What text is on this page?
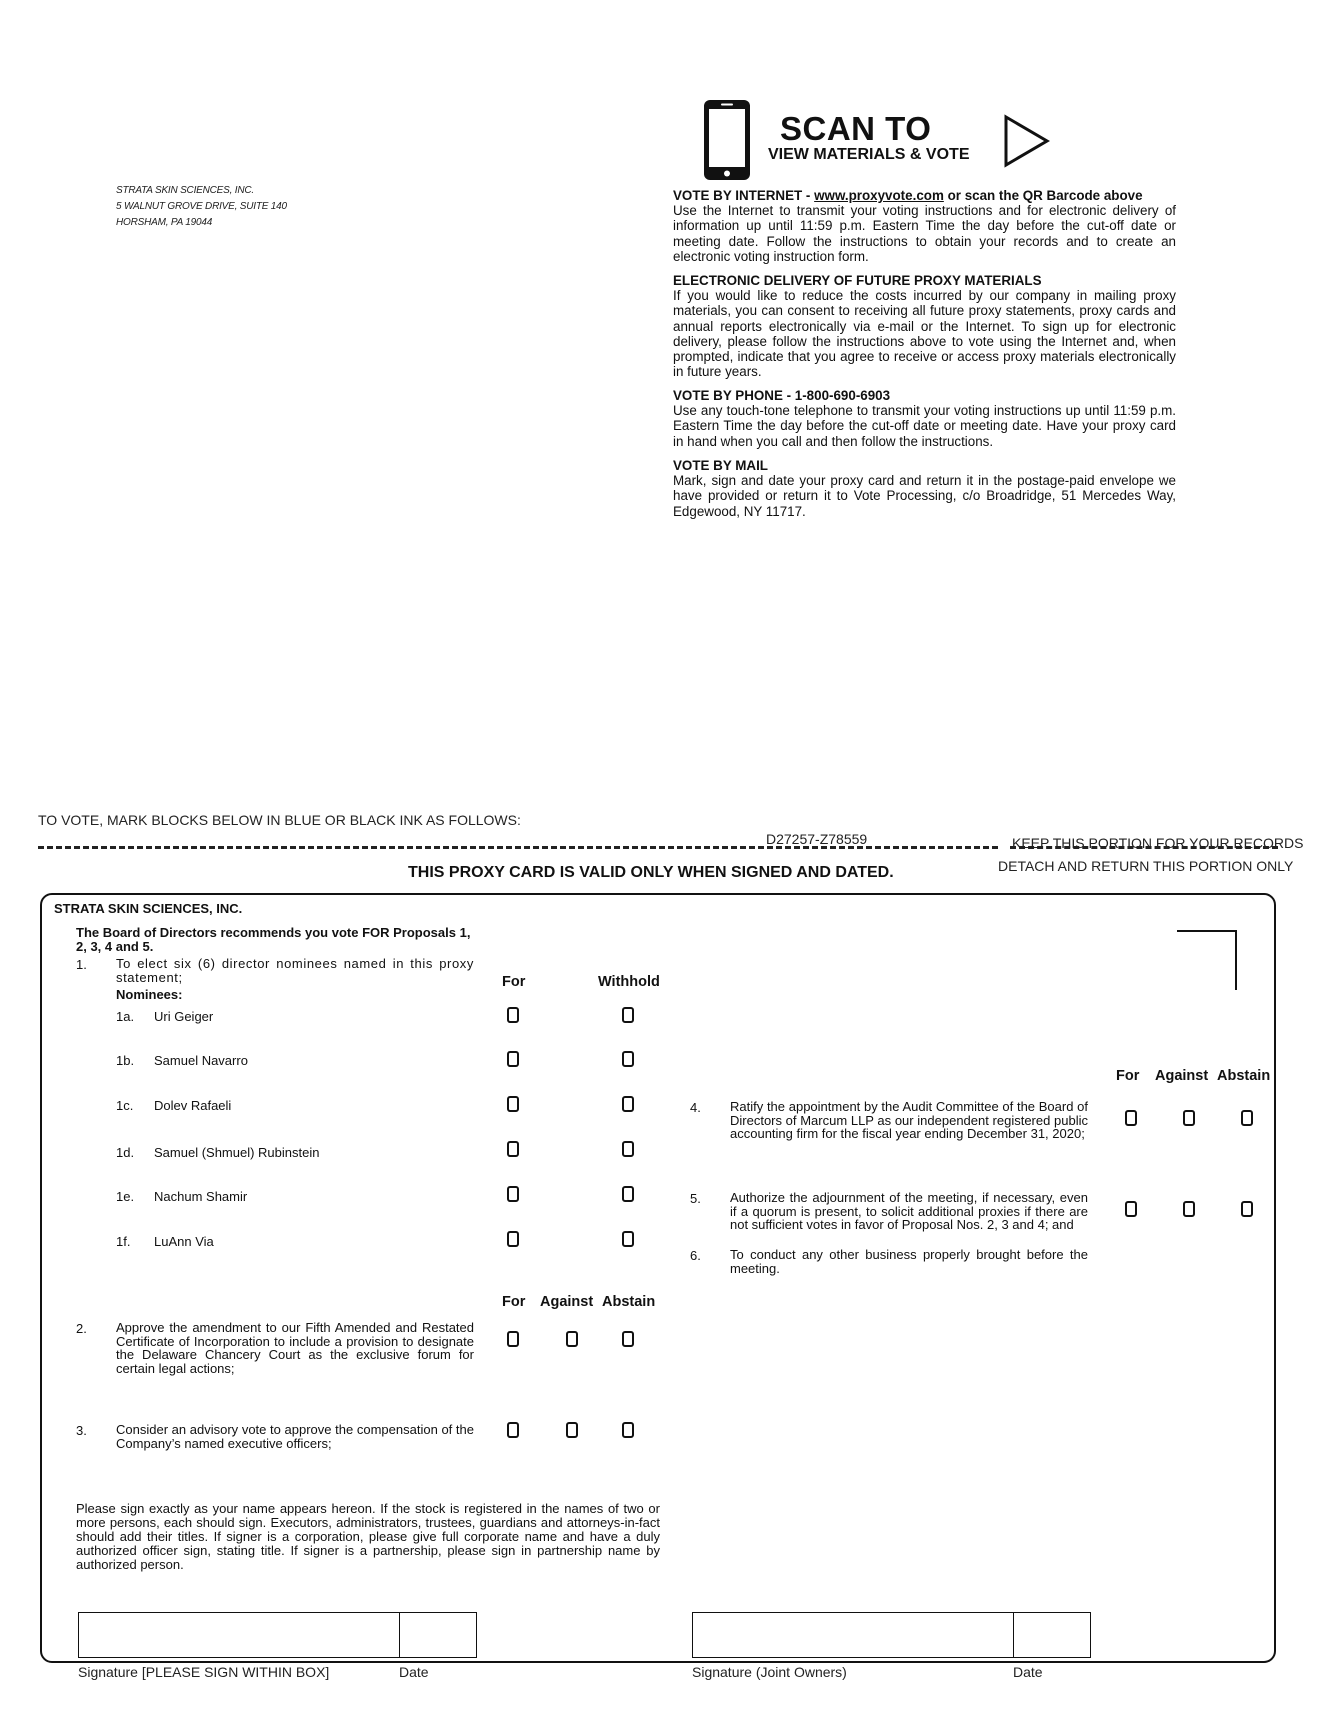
STRATA SKIN SCIENCES, INC.
5 WALNUT GROVE DRIVE, SUITE 140
HORSHAM, PA 19044
SCAN TO
VIEW MATERIALS & VOTE
VOTE BY INTERNET - www.proxyvote.com or scan the QR Barcode above
Use the Internet to transmit your voting instructions and for electronic delivery of information up until 11:59 p.m. Eastern Time the day before the cut-off date or meeting date. Follow the instructions to obtain your records and to create an electronic voting instruction form.
ELECTRONIC DELIVERY OF FUTURE PROXY MATERIALS
If you would like to reduce the costs incurred by our company in mailing proxy materials, you can consent to receiving all future proxy statements, proxy cards and annual reports electronically via e-mail or the Internet. To sign up for electronic delivery, please follow the instructions above to vote using the Internet and, when prompted, indicate that you agree to receive or access proxy materials electronically in future years.
VOTE BY PHONE - 1-800-690-6903
Use any touch-tone telephone to transmit your voting instructions up until 11:59 p.m. Eastern Time the day before the cut-off date or meeting date. Have your proxy card in hand when you call and then follow the instructions.
VOTE BY MAIL
Mark, sign and date your proxy card and return it in the postage-paid envelope we have provided or return it to Vote Processing, c/o Broadridge, 51 Mercedes Way, Edgewood, NY 11717.
TO VOTE, MARK BLOCKS BELOW IN BLUE OR BLACK INK AS FOLLOWS:
D27257-Z78559	KEEP THIS PORTION FOR YOUR RECORDS
DETACH AND RETURN THIS PORTION ONLY
THIS PROXY CARD IS VALID ONLY WHEN SIGNED AND DATED.
STRATA SKIN SCIENCES, INC.
The Board of Directors recommends you vote FOR Proposals 1, 2, 3, 4 and 5.
1. To elect six (6) director nominees named in this proxy statement;
Nominees:
For	Withhold
1a. Uri Geiger
1b. Samuel Navarro
1c. Dolev Rafaeli
1d. Samuel (Shmuel) Rubinstein
1e. Nachum Shamir
1f. LuAnn Via
For Against Abstain
2. Approve the amendment to our Fifth Amended and Restated Certificate of Incorporation to include a provision to designate the Delaware Chancery Court as the exclusive forum for certain legal actions;
3. Consider an advisory vote to approve the compensation of the Company’s named executive officers;
For Against Abstain
4. Ratify the appointment by the Audit Committee of the Board of Directors of Marcum LLP as our independent registered public accounting firm for the fiscal year ending December 31, 2020;
5. Authorize the adjournment of the meeting, if necessary, even if a quorum is present, to solicit additional proxies if there are not sufficient votes in favor of Proposal Nos. 2, 3 and 4; and
6. To conduct any other business properly brought before the meeting.
Please sign exactly as your name appears hereon. If the stock is registered in the names of two or more persons, each should sign. Executors, administrators, trustees, guardians and attorneys-in-fact should add their titles. If signer is a corporation, please give full corporate name and have a duly authorized officer sign, stating title. If signer is a partnership, please sign in partnership name by authorized person.
Signature [PLEASE SIGN WITHIN BOX]	Date	Signature (Joint Owners)	Date
